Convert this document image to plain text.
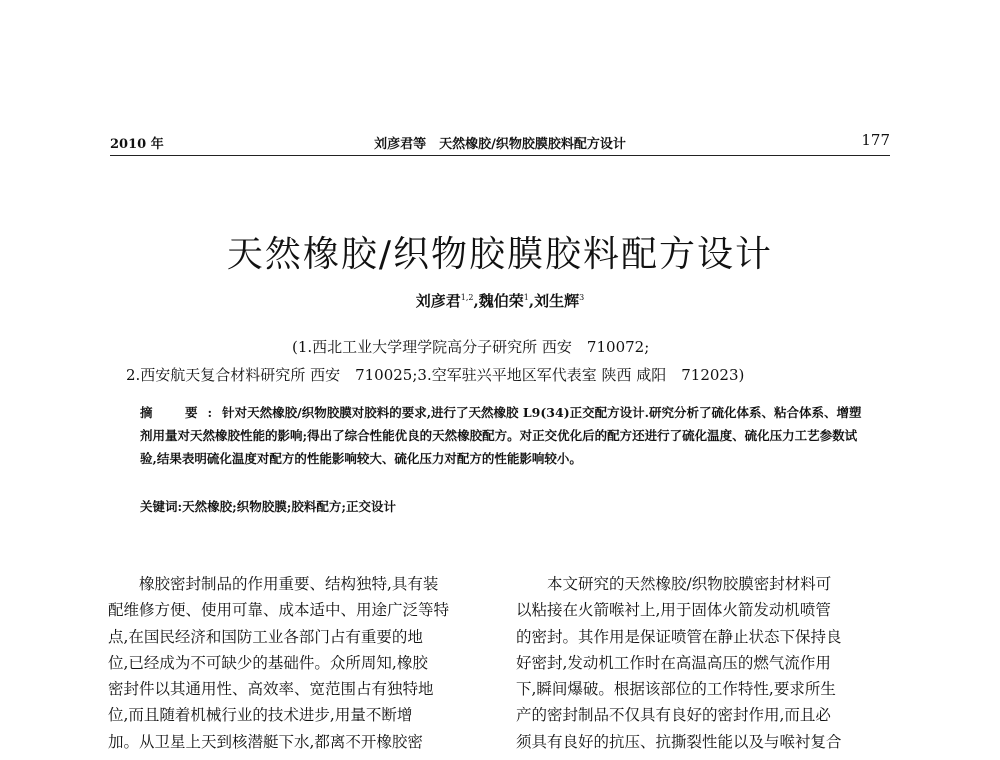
2010 年	刘彦君等　天然橡胶/织物胶膜胶料配方设计	177
天然橡胶/织物胶膜胶料配方设计
刘彦君$^{1,2}$,魏伯荣$^1$,刘生辉$^3$
(1.西北工业大学理学院高分子研究所 西安　710072;
2.西安航天复合材料研究所 西安　710025;3.空军驻兴平地区军代表室 陕西 咸阳　712023)
摘　要:针对天然橡胶/织物胶膜对胶料的要求,进行了天然橡胶 L9(34)正交配方设计.研究分析了硫化体系、粘合体系、增塑剂用量对天然橡胶性能的影响;得出了综合性能优良的天然橡胶配方。对正交优化后的配方还进行了硫化温度、硫化压力工艺参数试验,结果表明硫化温度对配方的性能影响较大、硫化压力对配方的性能影响较小。
关键词:天然橡胶;织物胶膜;胶料配方;正交设计
橡胶密封制品的作用重要、结构独特,具有装
配维修方便、使用可靠、成本适中、用途广泛等特
点,在国民经济和国防工业各部门占有重要的地
位,已经成为不可缺少的基础件。众所周知,橡胶
密封件以其通用性、高效率、宽范围占有独特地
位,而且随着机械行业的技术进步,用量不断增
加。从卫星上天到核潜艇下水,都离不开橡胶密
本文研究的天然橡胶/织物胶膜密封材料可
以粘接在火箭喉衬上,用于固体火箭发动机喷管
的密封。其作用是保证喷管在静止状态下保持良
好密封,发动机工作时在高温高压的燃气流作用
下,瞬间爆破。根据该部位的工作特性,要求所生
产的密封制品不仅具有良好的密封作用,而且必
须具有良好的抗压、抗撕裂性能以及与喉衬复合
